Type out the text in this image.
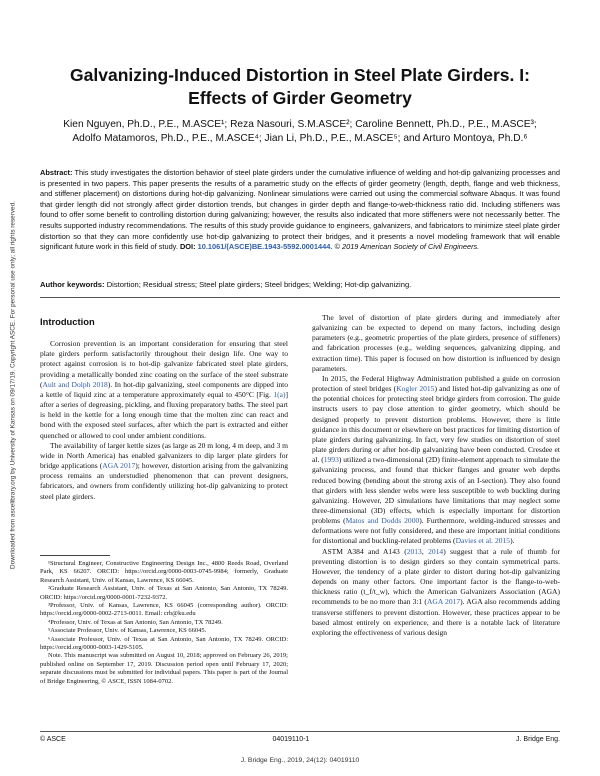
Downloaded from ascelibrary.org by University of Kansas on 09/17/19. Copyright ASCE. For personal use only; all rights reserved.
Galvanizing-Induced Distortion in Steel Plate Girders. I:
Effects of Girder Geometry
Kien Nguyen, Ph.D., P.E., M.ASCE¹; Reza Nasouri, S.M.ASCE²; Caroline Bennett, Ph.D., P.E., M.ASCE³;
Adolfo Matamoros, Ph.D., P.E., M.ASCE⁴; Jian Li, Ph.D., P.E., M.ASCE⁵; and Arturo Montoya, Ph.D.⁶
Abstract: This study investigates the distortion behavior of steel plate girders under the cumulative influence of welding and hot-dip galvanizing processes and is presented in two papers. This paper presents the results of a parametric study on the effects of girder geometry (length, depth, flange and web thickness, and stiffener placement) on distortions during hot-dip galvanizing. Nonlinear simulations were carried out using the commercial software Abaqus. It was found that girder length did not strongly affect girder distortion trends, but changes in girder depth and flange-to-web-thickness ratio did. Including stiffeners was found to offer some benefit to controlling distortion during galvanizing; however, the results also indicated that more stiffeners were not necessarily better. The results supported industry recommendations. The results of this study provide guidance to engineers, galvanizers, and fabricators to minimize steel plate girder distortion so that they can more confidently use hot-dip galvanizing to protect their bridges, and it presents a novel modeling framework that will enable significant future work in this field of study. DOI: 10.1061/(ASCE)BE.1943-5592.0001444. © 2019 American Society of Civil Engineers.
Author keywords: Distortion; Residual stress; Steel plate girders; Steel bridges; Welding; Hot-dip galvanizing.
Introduction

Corrosion prevention is an important consideration for ensuring that steel plate girders perform satisfactorily throughout their design life. One way to protect against corrosion is to hot-dip galvanize fabricated steel plate girders, providing a metallically bonded zinc coating on the surface of the steel substrate (Ault and Dolph 2018). In hot-dip galvanizing, steel components are dipped into a kettle of liquid zinc at a temperature approximately equal to 450°C [Fig. 1(a)] after a series of degreasing, pickling, and fluxing preparatory baths. The steel part is held in the kettle for a long enough time that the molten zinc can react and bond with the exposed steel surfaces, after which the part is extracted and either quenched or allowed to cool under ambient conditions.

The availability of larger kettle sizes (as large as 20 m long, 4 m deep, and 3 m wide in North America) has enabled galvanizers to dip larger plate girders for bridge applications (AGA 2017); however, distortion arising from the galvanizing process remains an understudied phenomenon that can prevent designers, fabricators, and owners from confidently utilizing hot-dip galvanizing to protect steel plate girders.

¹Structural Engineer, Constructive Engineering Design Inc., 4800 Reeds Road, Overland Park, KS 66207. ORCID: https://orcid.org/0000-0003-0745-9984; formerly, Graduate Research Assistant, Univ. of Kansas, Lawrence, KS 66045.

²Graduate Research Assistant, Univ. of Texas at San Antonio, San Antonio, TX 78249. ORCID: https://orcid.org/0000-0001-7232-9372.

³Professor, Univ. of Kansas, Lawrence, KS 66045 (corresponding author). ORCID: https://orcid.org/0000-0002-2713-0011. Email: crb@ku.edu

⁴Professor, Univ. of Texas at San Antonio, San Antonio, TX 78249.

⁵Associate Professor, Univ. of Kansas, Lawrence, KS 66045.

⁶Associate Professor, Univ. of Texas at San Antonio, San Antonio, TX 78249. ORCID: https://orcid.org/0000-0003-1429-5105.

Note. This manuscript was submitted on August 10, 2018; approved on February 26, 2019; published online on September 17, 2019. Discussion period open until February 17, 2020; separate discussions must be submitted for individual papers. This paper is part of the Journal of Bridge Engineering, © ASCE, ISSN 1084-0702.

The level of distortion of plate girders during and immediately after galvanizing can be expected to depend on many factors, including design parameters (e.g., geometric properties of the plate girders, presence of stiffeners) and fabrication processes (e.g., welding sequences, galvanizing dipping, and extraction time). This paper is focused on how distortion is influenced by design parameters.

In 2015, the Federal Highway Administration published a guide on corrosion protection of steel bridges (Kogler 2015) and listed hot-dip galvanizing as one of the potential choices for protecting steel bridge girders from corrosion. The guide instructs users to pay close attention to girder geometry, which should be designed properly to prevent distortion problems. However, there is little guidance in this document or elsewhere on best practices for limiting distortion of plate girders during galvanizing. In fact, very few studies on distortion of steel plate girders during or after hot-dip galvanizing have been conducted. Cresdee et al. (1993) utilized a two-dimensional (2D) finite-element approach to simulate the galvanizing process, and found that thicker flanges and greater web depths reduced bowing (bending about the strong axis of an I-section). They also found that girders with less slender webs were less susceptible to web buckling during galvanizing. However, 2D simulations have limitations that may neglect some three-dimensional (3D) effects, which is especially important for distortion problems (Matos and Dodds 2000). Furthermore, welding-induced stresses and deformations were not fully considered, and these are important initial conditions for distortional and buckling-related problems (Davies et al. 2015).

ASTM A384 and A143 (2013, 2014) suggest that a rule of thumb for preventing distortion is to design girders so they contain symmetrical parts. However, the tendency of a plate girder to distort during hot-dip galvanizing depends on many other factors. One important factor is the flange-to-web-thickness ratio (t_f/t_w), which the American Galvanizers Association (AGA) recommends to be no more than 3:1 (AGA 2017). AGA also recommends adding transverse stiffeners to prevent distortion. However, these practices appear to be based almost entirely on experience, and there is a notable lack of literature exploring the effectiveness of various design

© ASCE	04019110-1	J. Bridge Eng.
J. Bridge Eng., 2019, 24(12): 04019110
